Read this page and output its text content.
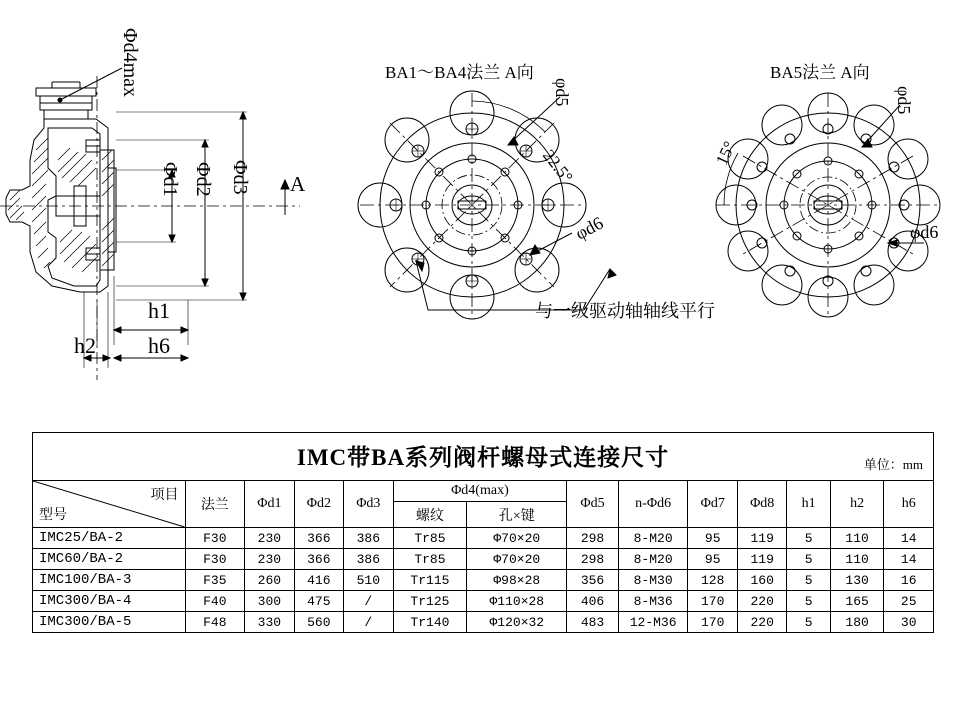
Φd4max
Φd1 Φd2 Φd3 A
h1
h2 h6
BA1～BA4法兰 A向
φd5
22.5°
φd6
与一级驱动轴轴线平行
BA5法兰 A向
φd5
15°
φd6
IMC带BA系列阀杆螺母式连接尺寸 单位：mm													

项目
型号	法兰	Φd1	Φd2	Φd3	Φd4(max)		Φd5	n-Φd6	Φd7	Φd8	h1	h2	h6
					螺纹	孔×键							
IMC25/BA-2	F30	230	366	386	Tr85	Φ70×20	298	8-M20	95	119	5	110	14
IMC60/BA-2	F30	230	366	386	Tr85	Φ70×20	298	8-M20	95	119	5	110	14
IMC100/BA-3	F35	260	416	510	Tr115	Φ98×28	356	8-M30	128	160	5	130	16
IMC300/BA-4	F40	300	475	/	Tr125	Φ110×28	406	8-M36	170	220	5	165	25
IMC300/BA-5	F48	330	560	/	Tr140	Φ120×32	483	12-M36	170	220	5	180	30
